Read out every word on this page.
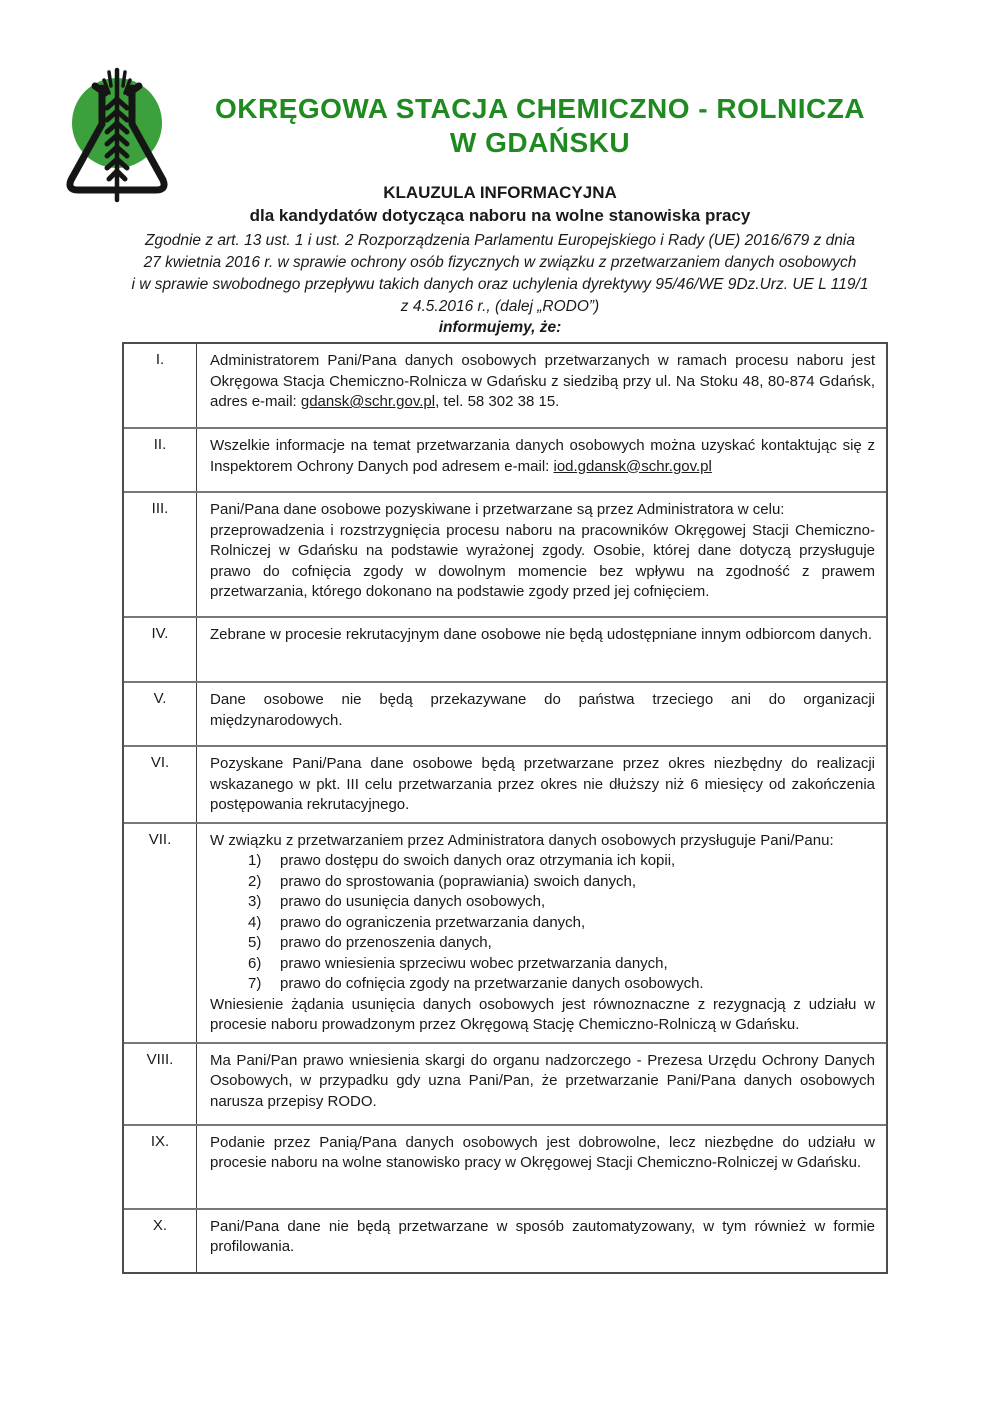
OKRĘGOWA STACJA CHEMICZNO - ROLNICZA
W GDAŃSKU
KLAUZULA INFORMACYJNA
dla kandydatów dotycząca naboru na wolne stanowiska pracy
Zgodnie z art. 13 ust. 1 i ust. 2 Rozporządzenia Parlamentu Europejskiego i Rady (UE) 2016/679 z dnia
27 kwietnia 2016 r. w sprawie ochrony osób fizycznych w związku z przetwarzaniem danych osobowych
i w sprawie swobodnego przepływu takich danych oraz uchylenia dyrektywy 95/46/WE 9Dz.Urz. UE L 119/1
z 4.5.2016 r., (dalej „RODO”)
informujemy, że:
I.	Administratorem Pani/Pana danych osobowych przetwarzanych w ramach procesu naboru jest Okręgowa Stacja Chemiczno-Rolnicza w Gdańsku z siedzibą przy ul. Na Stoku 48, 80-874 Gdańsk, adres e-mail: gdansk@schr.gov.pl, tel. 58 302 38 15.
II.	Wszelkie informacje na temat przetwarzania danych osobowych można uzyskać kontaktując się z Inspektorem Ochrony Danych pod adresem e-mail: iod.gdansk@schr.gov.pl
III.	Pani/Pana dane osobowe pozyskiwane i przetwarzane są przez Administratora w celu:
przeprowadzenia i rozstrzygnięcia procesu naboru na pracowników Okręgowej Stacji Chemiczno-Rolniczej w Gdańsku na podstawie wyrażonej zgody. Osobie, której dane dotyczą przysługuje prawo do cofnięcia zgody w dowolnym momencie bez wpływu na zgodność z prawem przetwarzania, którego dokonano na podstawie zgody przed jej cofnięciem.
IV.	Zebrane w procesie rekrutacyjnym dane osobowe nie będą udostępniane innym odbiorcom danych.
V.	Dane osobowe nie będą przekazywane do państwa trzeciego ani do organizacji międzynarodowych.
VI.	Pozyskane Pani/Pana dane osobowe będą przetwarzane przez okres niezbędny do realizacji wskazanego w pkt. III celu przetwarzania przez okres nie dłuższy niż 6 miesięcy od zakończenia postępowania rekrutacyjnego.
VII.	W związku z przetwarzaniem przez Administratora danych osobowych przysługuje Pani/Panu:
prawo dostępu do swoich danych oraz otrzymania ich kopii,
prawo do sprostowania (poprawiania) swoich danych,
prawo do usunięcia danych osobowych,
prawo do ograniczenia przetwarzania danych,
prawo do przenoszenia danych,
prawo wniesienia sprzeciwu wobec przetwarzania danych,
prawo do cofnięcia zgody na przetwarzanie danych osobowych.
Wniesienie żądania usunięcia danych osobowych jest równoznaczne z rezygnacją z udziału w procesie naboru prowadzonym przez Okręgową Stację Chemiczno-Rolniczą w Gdańsku.
VIII.	Ma Pani/Pan prawo wniesienia skargi do organu nadzorczego - Prezesa Urzędu Ochrony Danych Osobowych, w przypadku gdy uzna Pani/Pan, że przetwarzanie Pani/Pana danych osobowych narusza przepisy RODO.
IX.	Podanie przez Panią/Pana danych osobowych jest dobrowolne, lecz niezbędne do udziału w procesie naboru na wolne stanowisko pracy w Okręgowej Stacji Chemiczno-Rolniczej w Gdańsku.
X.	Pani/Pana dane nie będą przetwarzane w sposób zautomatyzowany, w tym również w formie profilowania.
